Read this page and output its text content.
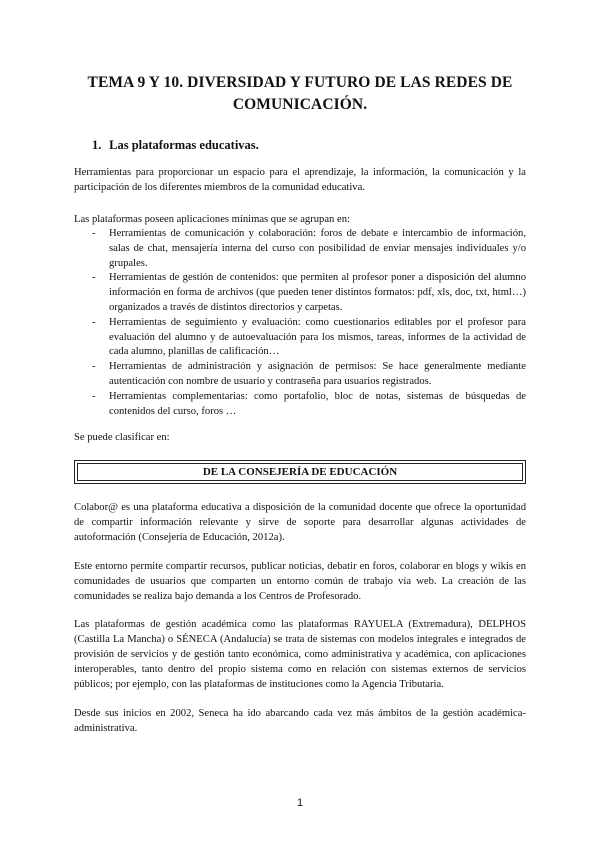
TEMA 9 Y 10. DIVERSIDAD Y FUTURO DE LAS REDES DE COMUNICACIÓN.
1. Las plataformas educativas.

Herramientas para proporcionar un espacio para el aprendizaje, la información, la comunicación y la participación de los diferentes miembros de la comunidad educativa.

Las plataformas poseen aplicaciones mínimas que se agrupan en:

- Herramientas de comunicación y colaboración: foros de debate e intercambio de información, salas de chat, mensajería interna del curso con posibilidad de enviar mensajes individuales y/o grupales.
- Herramientas de gestión de contenidos: que permiten al profesor poner a disposición del alumno información en forma de archivos (que pueden tener distintos formatos: pdf, xls, doc, txt, html…) organizados a través de distintos directorios y carpetas.
- Herramientas de seguimiento y evaluación: como cuestionarios editables por el profesor para evaluación del alumno y de autoevaluación para los mismos, tareas, informes de la actividad de cada alumno, planillas de calificación…
- Herramientas de administración y asignación de permisos: Se hace generalmente mediante autenticación con nombre de usuario y contraseña para usuarios registrados.
- Herramientas complementarias: como portafolio, bloc de notas, sistemas de búsquedas de contenidos del curso, foros …

Se puede clasificar en:

DE LA CONSEJERÍA DE EDUCACIÓN

Colabor@ es una plataforma educativa a disposición de la comunidad docente que ofrece la oportunidad de compartir información relevante y sirve de soporte para desarrollar algunas actividades de autoformación (Consejería de Educación, 2012a).

Este entorno permite compartir recursos, publicar noticias, debatir en foros, colaborar en blogs y wikis en comunidades de usuarios que comparten un entorno común de trabajo vía web. La creación de las comunidades se realiza bajo demanda a los Centros de Profesorado.

Las plataformas de gestión académica como las plataformas RAYUELA (Extremadura), DELPHOS (Castilla La Mancha) o SÉNECA (Andalucía) se trata de sistemas con modelos integrales e integrados de provisión de servicios y de gestión tanto económica, como administrativa y académica, con aplicaciones interoperables, tanto dentro del propio sistema como en relación con sistemas externos de servicios públicos; por ejemplo, con las plataformas de instituciones como la Agencia Tributaria.

Desde sus inicios en 2002, Seneca ha ido abarcando cada vez más ámbitos de la gestión académica-administrativa.

1
